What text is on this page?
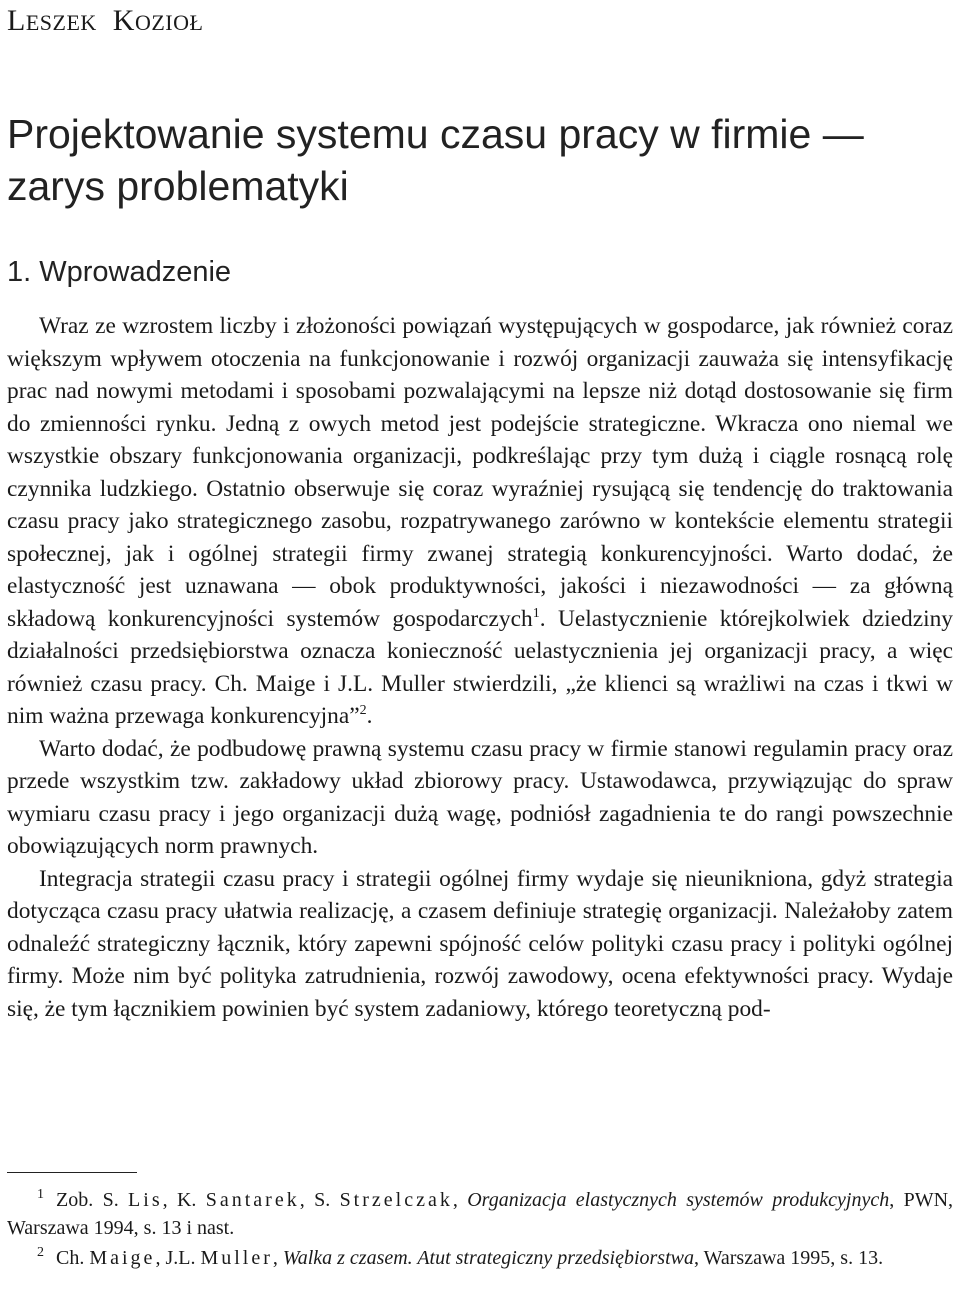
LESZEK KOZIOŁ
Projektowanie systemu czasu pracy w firmie — zarys problematyki
1. Wprowadzenie

Wraz ze wzrostem liczby i złożoności powiązań występujących w gospodarce, jak również coraz większym wpływem otoczenia na funkcjonowanie i rozwój organizacji zauważa się intensyfikację prac nad nowymi metodami i sposobami pozwalającymi na lepsze niż dotąd dostosowanie się firm do zmienności rynku. Jedną z owych metod jest podejście strategiczne. Wkracza ono niemal we wszystkie obszary funkcjonowania organizacji, podkreślając przy tym dużą i ciągle rosnącą rolę czynnika ludzkiego. Ostatnio obserwuje się coraz wyraźniej rysującą się tendencję do traktowania czasu pracy jako strategicznego zasobu, rozpatrywanego zarówno w kontekście elementu strategii społecznej, jak i ogólnej strategii firmy zwanej strategią konkurencyjności. Warto dodać, że elastyczność jest uznawana — obok produktywności, jakości i niezawodności — za główną składową konkurencyjności systemów gospodarczych$^1$. Uelastycznienie którejkolwiek dziedziny działalności przedsiębiorstwa oznacza konieczność uelastycznienia jej organizacji pracy, a więc również czasu pracy. Ch. Maige i J.L. Muller stwierdzili, „że klienci są wrażliwi na czas i tkwi w nim ważna przewaga konkurencyjna”$^2$.

Warto dodać, że podbudowę prawną systemu czasu pracy w firmie stanowi regulamin pracy oraz przede wszystkim tzw. zakładowy układ zbiorowy pracy. Ustawodawca, przywiązując do spraw wymiaru czasu pracy i jego organizacji dużą wagę, podniósł zagadnienia te do rangi powszechnie obowiązujących norm prawnych.

Integracja strategii czasu pracy i strategii ogólnej firmy wydaje się nieunikniona, gdyż strategia dotycząca czasu pracy ułatwia realizację, a czasem definiuje strategię organizacji. Należałoby zatem odnaleźć strategiczny łącznik, który zapewni spójność celów polityki czasu pracy i polityki ogólnej firmy. Może nim być polityka zatrudnienia, rozwój zawodowy, ocena efektywności pracy. Wydaje się, że tym łącznikiem powinien być system zadaniowy, którego teoretyczną pod-

$^1$ Zob. S. Lis, K. Santarek, S. Strzelczak, Organizacja elastycznych systemów produkcyjnych, PWN, Warszawa 1994, s. 13 i nast.

$^2$ Ch. Maige, J.L. Muller, Walka z czasem. Atut strategiczny przedsiębiorstwa, Warszawa 1995, s. 13.
